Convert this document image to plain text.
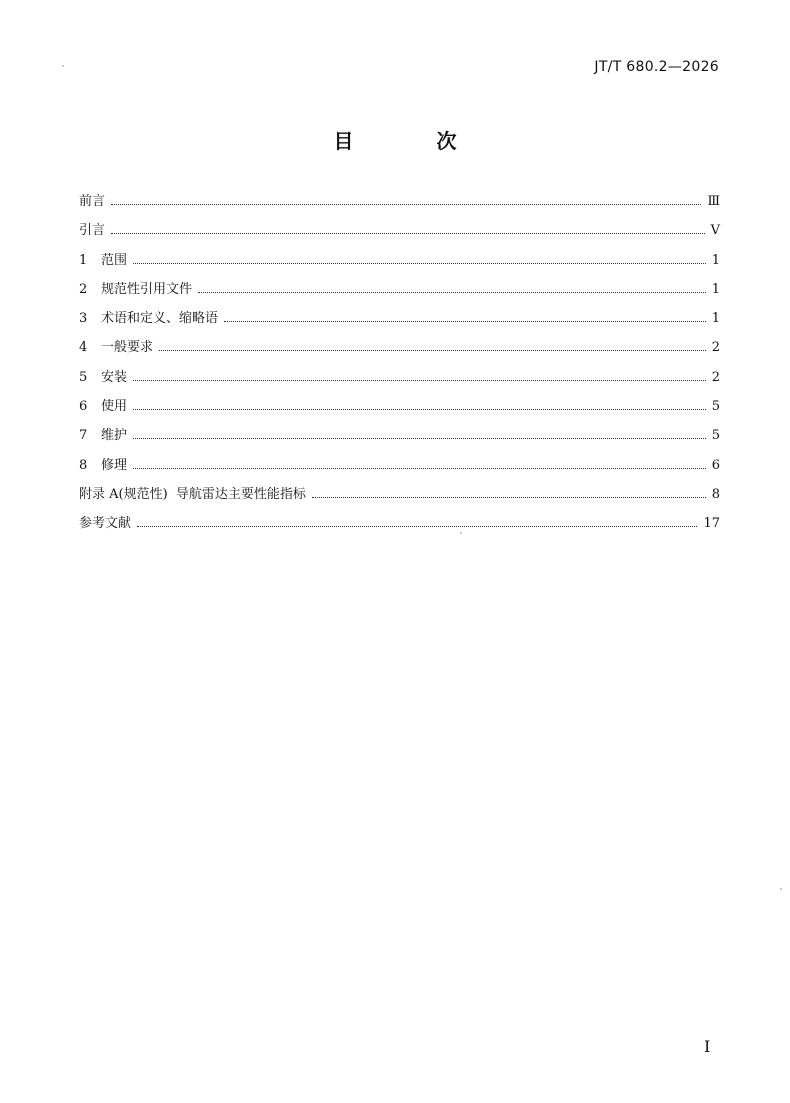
JT/T 680.2—2026
目 次
前言	Ⅲ
引言	V
1	范围	1
2	规范性引用文件	1
3	术语和定义、缩略语	1
4	一般要求	2
5	安装	2
6	使用	5
7	维护	5
8	修理	6
附录 A(规范性)  导航雷达主要性能指标	8
参考文献	17
I
